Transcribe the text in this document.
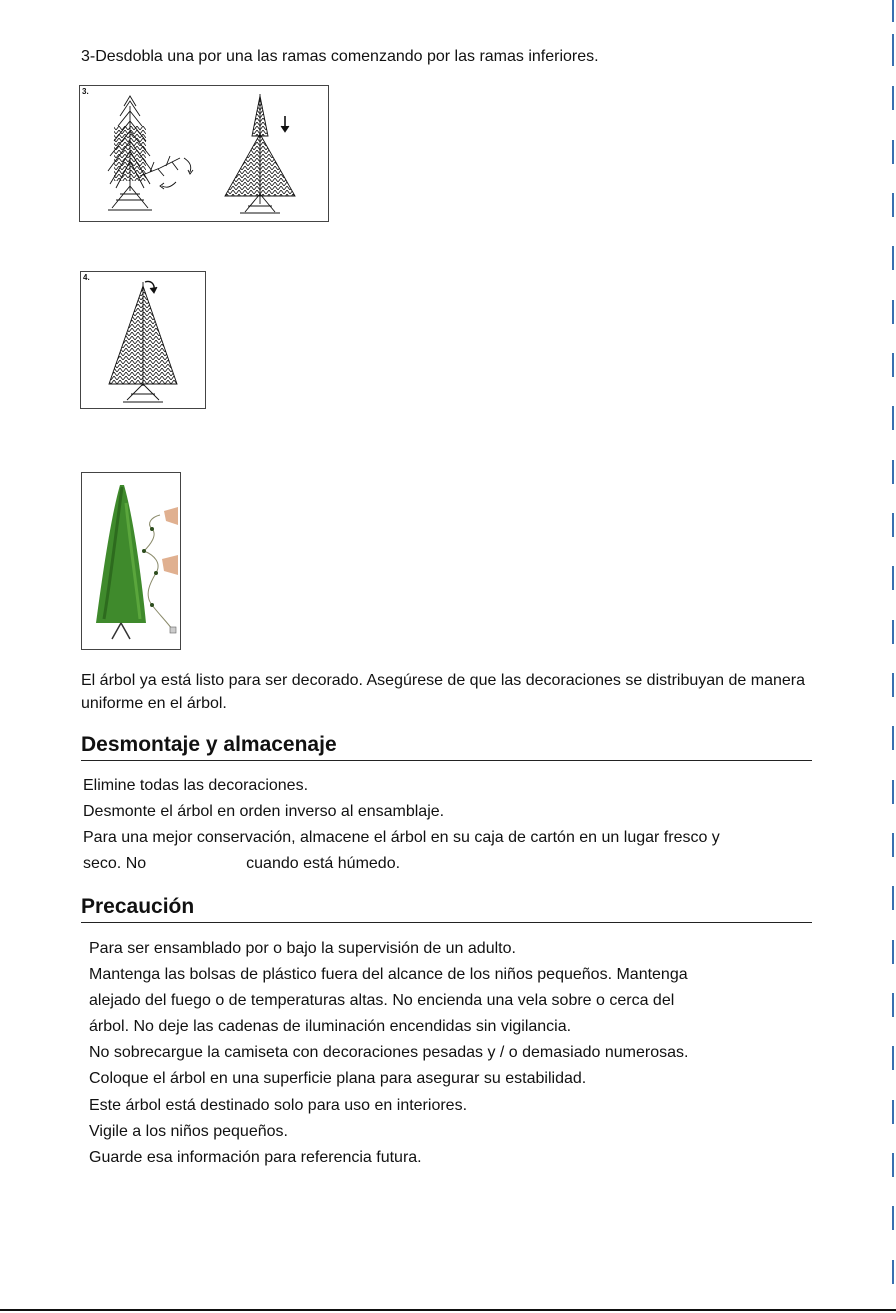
3-Desdobla una por una las ramas comenzando por las ramas inferiores.

3.
4.

El árbol ya está listo para ser decorado. Asegúrese de que las decoraciones se distribuyan de manera uniforme en el árbol.

Desmontaje y almacenaje
Elimine todas las decoraciones.
Desmonte el árbol en orden inverso al ensamblaje.
Para una mejor conservación, almacene el árbol en su caja de cartón en un lugar fresco y
seco. No	cuando está húmedo.
Precaución
Para ser ensamblado por o bajo la supervisión de un adulto.
Mantenga las bolsas de plástico fuera del alcance de los niños pequeños. Mantenga
alejado del fuego o de temperaturas altas. No encienda una vela sobre o cerca del
árbol. No deje las cadenas de iluminación encendidas sin vigilancia.
No sobrecargue la camiseta con decoraciones pesadas y / o demasiado numerosas.
Coloque el árbol en una superficie plana para asegurar su estabilidad.
Este árbol está destinado solo para uso en interiores.
Vigile a los niños pequeños.
Guarde esa información para referencia futura.
